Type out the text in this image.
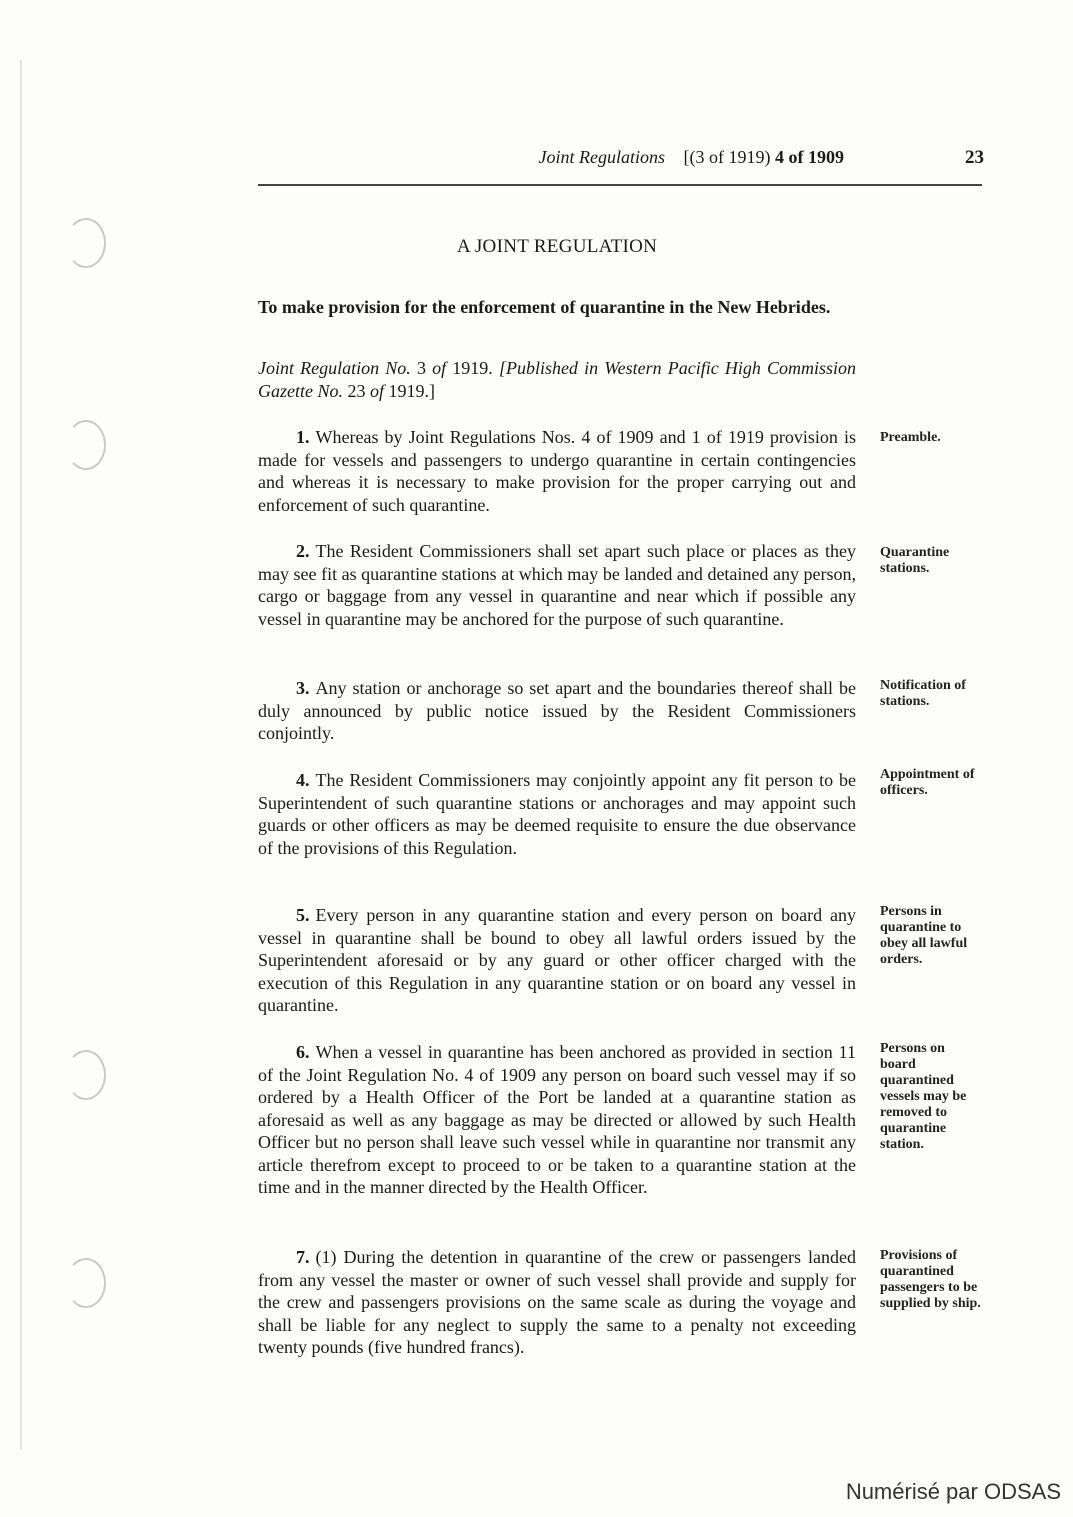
Joint Regulations [(3 of 1919) 4 of 1909	23
A JOINT REGULATION
To make provision for the enforcement of quarantine in the New Hebrides.
Joint Regulation No. 3 of 1919. [Published in Western Pacific High Commission Gazette No. 23 of 1919.]
1. Whereas by Joint Regulations Nos. 4 of 1909 and 1 of 1919 provision is made for vessels and passengers to undergo quarantine in certain contingencies and whereas it is necessary to make provision for the proper carrying out and enforcement of such quarantine.
Preamble.
2. The Resident Commissioners shall set apart such place or places as they may see fit as quarantine stations at which may be landed and detained any person, cargo or baggage from any vessel in quarantine and near which if possible any vessel in quarantine may be anchored for the purpose of such quarantine.
Quarantine stations.
3. Any station or anchorage so set apart and the boundaries thereof shall be duly announced by public notice issued by the Resident Commissioners conjointly.
Notification of stations.
4. The Resident Commissioners may conjointly appoint any fit person to be Superintendent of such quarantine stations or anchorages and may appoint such guards or other officers as may be deemed requisite to ensure the due observance of the provisions of this Regulation.
Appointment of officers.
5. Every person in any quarantine station and every person on board any vessel in quarantine shall be bound to obey all lawful orders issued by the Superintendent aforesaid or by any guard or other officer charged with the execution of this Regulation in any quarantine station or on board any vessel in quarantine.
Persons in quarantine to obey all lawful orders.
6. When a vessel in quarantine has been anchored as provided in section 11 of the Joint Regulation No. 4 of 1909 any person on board such vessel may if so ordered by a Health Officer of the Port be landed at a quarantine station as aforesaid as well as any baggage as may be directed or allowed by such Health Officer but no person shall leave such vessel while in quarantine nor transmit any article therefrom except to proceed to or be taken to a quarantine station at the time and in the manner directed by the Health Officer.
Persons on board quarantined vessels may be removed to quarantine station.
7. (1) During the detention in quarantine of the crew or passengers landed from any vessel the master or owner of such vessel shall provide and supply for the crew and passengers provisions on the same scale as during the voyage and shall be liable for any neglect to supply the same to a penalty not exceeding twenty pounds (five hundred francs).
Provisions of quarantined passengers to be supplied by ship.
Numérisé par ODSAS
